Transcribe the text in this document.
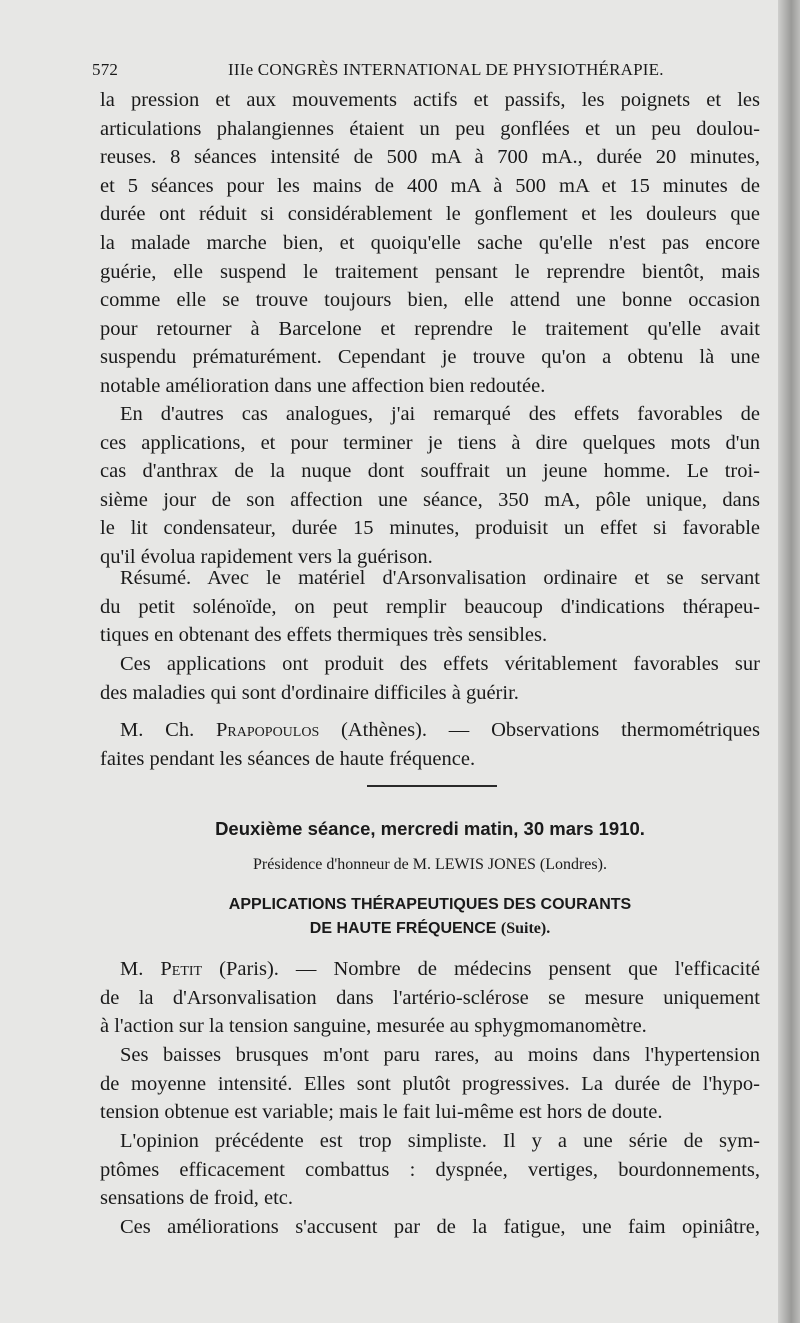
572	IIIe CONGRÈS INTERNATIONAL DE PHYSIOTHÉRAPIE.
la pression et aux mouvements actifs et passifs, les poignets et les
articulations phalangiennes étaient un peu gonflées et un peu doulou-
reuses. 8 séances intensité de 500 mA à 700 mA., durée 20 minutes,
et 5 séances pour les mains de 400 mA à 500 mA et 15 minutes de
durée ont réduit si considérablement le gonflement et les douleurs que
la malade marche bien, et quoiqu'elle sache qu'elle n'est pas encore
guérie, elle suspend le traitement pensant le reprendre bientôt, mais
comme elle se trouve toujours bien, elle attend une bonne occasion
pour retourner à Barcelone et reprendre le traitement qu'elle avait
suspendu prématurément. Cependant je trouve qu'on a obtenu là une
notable amélioration dans une affection bien redoutée.
En d'autres cas analogues, j'ai remarqué des effets favorables de
ces applications, et pour terminer je tiens à dire quelques mots d'un
cas d'anthrax de la nuque dont souffrait un jeune homme. Le troi-
sième jour de son affection une séance, 350 mA, pôle unique, dans
le lit condensateur, durée 15 minutes, produisit un effet si favorable
qu'il évolua rapidement vers la guérison.
Résumé. Avec le matériel d'Arsonvalisation ordinaire et se servant
du petit solénoïde, on peut remplir beaucoup d'indications thérapeu-
tiques en obtenant des effets thermiques très sensibles.
Ces applications ont produit des effets véritablement favorables sur
des maladies qui sont d'ordinaire difficiles à guérir.
M. Ch. Prapopoulos (Athènes). — Observations thermométriques
faites pendant les séances de haute fréquence.
Deuxième séance, mercredi matin, 30 mars 1910.
Présidence d'honneur de M. LEWIS JONES (Londres).
APPLICATIONS THÉRAPEUTIQUES DES COURANTS
DE HAUTE FRÉQUENCE (Suite).
M. Petit (Paris). — Nombre de médecins pensent que l'efficacité
de la d'Arsonvalisation dans l'artério-sclérose se mesure uniquement
à l'action sur la tension sanguine, mesurée au sphygmomanomètre.
Ses baisses brusques m'ont paru rares, au moins dans l'hypertension
de moyenne intensité. Elles sont plutôt progressives. La durée de l'hypo-
tension obtenue est variable; mais le fait lui-même est hors de doute.
L'opinion précédente est trop simpliste. Il y a une série de sym-
ptômes efficacement combattus : dyspnée, vertiges, bourdonnements,
sensations de froid, etc.
Ces améliorations s'accusent par de la fatigue, une faim opiniâtre,
